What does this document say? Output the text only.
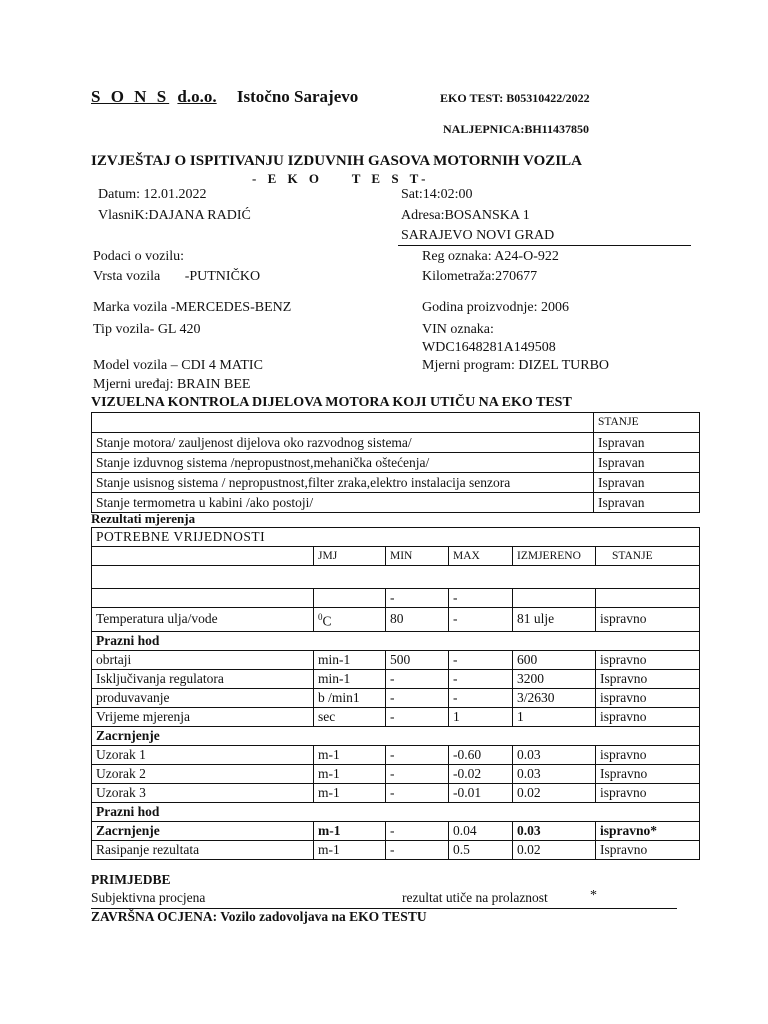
S O N S d.o.o. Istočno Sarajevo	EKO TEST: B05310422/2022
NALJEPNICA:BH11437850
IZVJEŠTAJ O ISPITIVANJU IZDUVNIH GASOVA MOTORNIH VOZILA
- E K O    T E S T-
Datum: 12.01.2022	Sat:14:02:00
VlasniK:DAJANA RADIĆ	Adresa:BOSANSKA 1
SARAJEVO NOVI GRAD
Podaci o vozilu:	Reg oznaka: A24-O-922
Vrsta vozila       -PUTNIČKO	Kilometraža:270677
Marka vozila -MERCEDES-BENZ	Godina proizvodnje: 2006
Tip vozila- GL 420	VIN oznaka:
WDC1648281A149508
Model vozila – CDI 4 MATIC	Mjerni program: DIZEL TURBO
Mjerni uređaj: BRAIN BEE
VIZUELNA KONTROLA DIJELOVA MOTORA KOJI UTIČU NA EKO TEST
	STANJE
Stanje motora/ zauljenost dijelova oko razvodnog sistema/	Ispravan
Stanje izduvnog sistema /nepropustnost,mehanička oštećenja/	Ispravan
Stanje usisnog sistema / nepropustnost,filter zraka,elektro instalacija senzora	Ispravan
Stanje termometra u kabini /ako postoji/	Ispravan
Rezultati mjerenja
POTREBNE VRIJEDNOSTI					
	JMJ	MIN	MAX	IZMJERENO	STANJE

		-	-		
Temperatura ulja/vode	$^0$C	80	-	81 ulje	ispravno
Prazni hod					
obrtaji	min-1	500	-	600	ispravno
Isključivanja regulatora	min-1	-	-	3200	Ispravno
produvavanje	b /min1	-	-	3/2630	ispravno
Vrijeme mjerenja	sec	-	1	1	ispravno
Zacrnjenje					
Uzorak 1	m-1	-	-0.60	0.03	ispravno
Uzorak 2	m-1	-	-0.02	0.03	Ispravno
Uzorak 3	m-1	-	-0.01	0.02	ispravno
Prazni hod					
Zacrnjenje	m-1	-	0.04	0.03	ispravno*
Rasipanje rezultata	m-1	-	0.5	0.02	Ispravno
PRIMJEDBE
Subjektivna procjena	rezultat utiče na prolaznost	*
ZAVRŠNA OCJENA: Vozilo zadovoljava na EKO TESTU
